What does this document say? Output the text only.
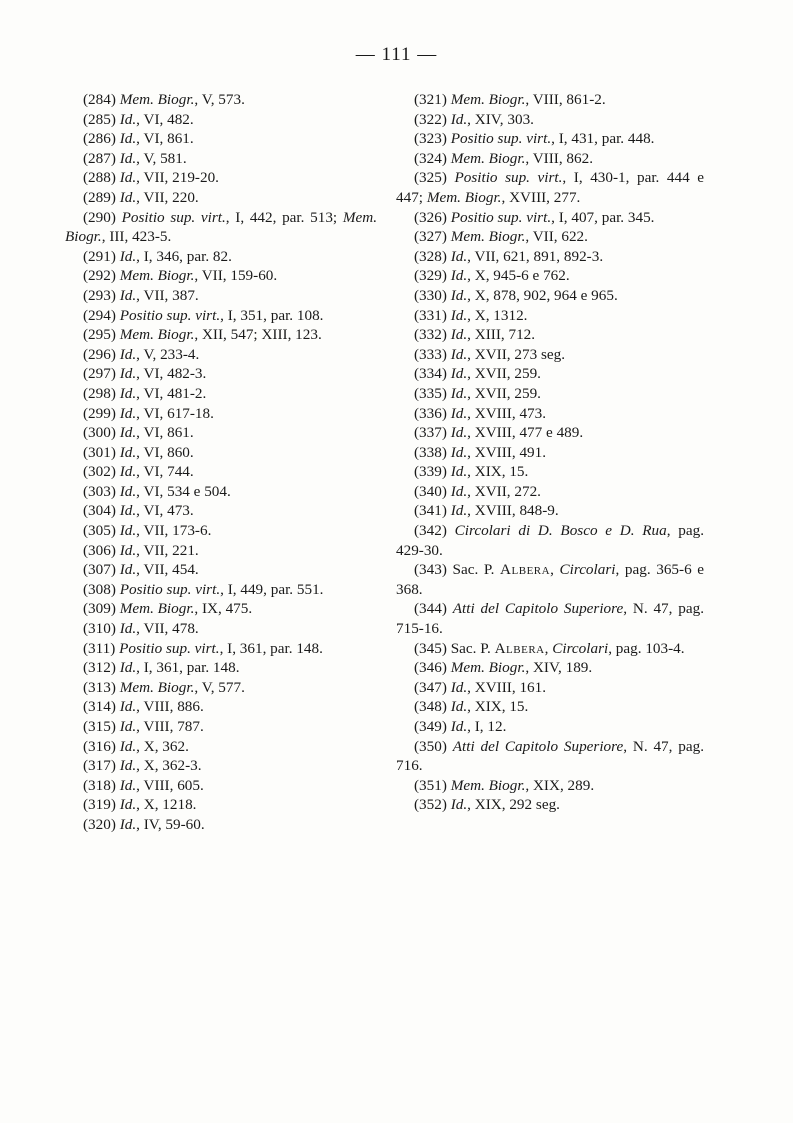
— 111 —

(284) Mem. Biogr., V, 573.

(285) Id., VI, 482.

(286) Id., VI, 861.

(287) Id., V, 581.

(288) Id., VII, 219-20.

(289) Id., VII, 220.

(290) Positio sup. virt., I, 442, par. 513; Mem. Biogr., III, 423-5.

(291) Id., I, 346, par. 82.

(292) Mem. Biogr., VII, 159-60.

(293) Id., VII, 387.

(294) Positio sup. virt., I, 351, par. 108.

(295) Mem. Biogr., XII, 547; XIII, 123.

(296) Id., V, 233-4.

(297) Id., VI, 482-3.

(298) Id., VI, 481-2.

(299) Id., VI, 617-18.

(300) Id., VI, 861.

(301) Id., VI, 860.

(302) Id., VI, 744.

(303) Id., VI, 534 e 504.

(304) Id., VI, 473.

(305) Id., VII, 173-6.

(306) Id., VII, 221.

(307) Id., VII, 454.

(308) Positio sup. virt., I, 449, par. 551.

(309) Mem. Biogr., IX, 475.

(310) Id., VII, 478.

(311) Positio sup. virt., I, 361, par. 148.

(312) Id., I, 361, par. 148.

(313) Mem. Biogr., V, 577.

(314) Id., VIII, 886.

(315) Id., VIII, 787.

(316) Id., X, 362.

(317) Id., X, 362-3.

(318) Id., VIII, 605.

(319) Id., X, 1218.

(320) Id., IV, 59-60.

(321) Mem. Biogr., VIII, 861-2.

(322) Id., XIV, 303.

(323) Positio sup. virt., I, 431, par. 448.

(324) Mem. Biogr., VIII, 862.

(325) Positio sup. virt., I, 430-1, par. 444 e 447; Mem. Biogr., XVIII, 277.

(326) Positio sup. virt., I, 407, par. 345.

(327) Mem. Biogr., VII, 622.

(328) Id., VII, 621, 891, 892-3.

(329) Id., X, 945-6 e 762.

(330) Id., X, 878, 902, 964 e 965.

(331) Id., X, 1312.

(332) Id., XIII, 712.

(333) Id., XVII, 273 seg.

(334) Id., XVII, 259.

(335) Id., XVII, 259.

(336) Id., XVIII, 473.

(337) Id., XVIII, 477 e 489.

(338) Id., XVIII, 491.

(339) Id., XIX, 15.

(340) Id., XVII, 272.

(341) Id., XVIII, 848-9.

(342) Circolari di D. Bosco e D. Rua, pag. 429-30.

(343) Sac. P. Albera, Circolari, pag. 365-6 e 368.

(344) Atti del Capitolo Superiore, N. 47, pag. 715-16.

(345) Sac. P. Albera, Circolari, pag. 103-4.

(346) Mem. Biogr., XIV, 189.

(347) Id., XVIII, 161.

(348) Id., XIX, 15.

(349) Id., I, 12.

(350) Atti del Capitolo Superiore, N. 47, pag. 716.

(351) Mem. Biogr., XIX, 289.

(352) Id., XIX, 292 seg.
